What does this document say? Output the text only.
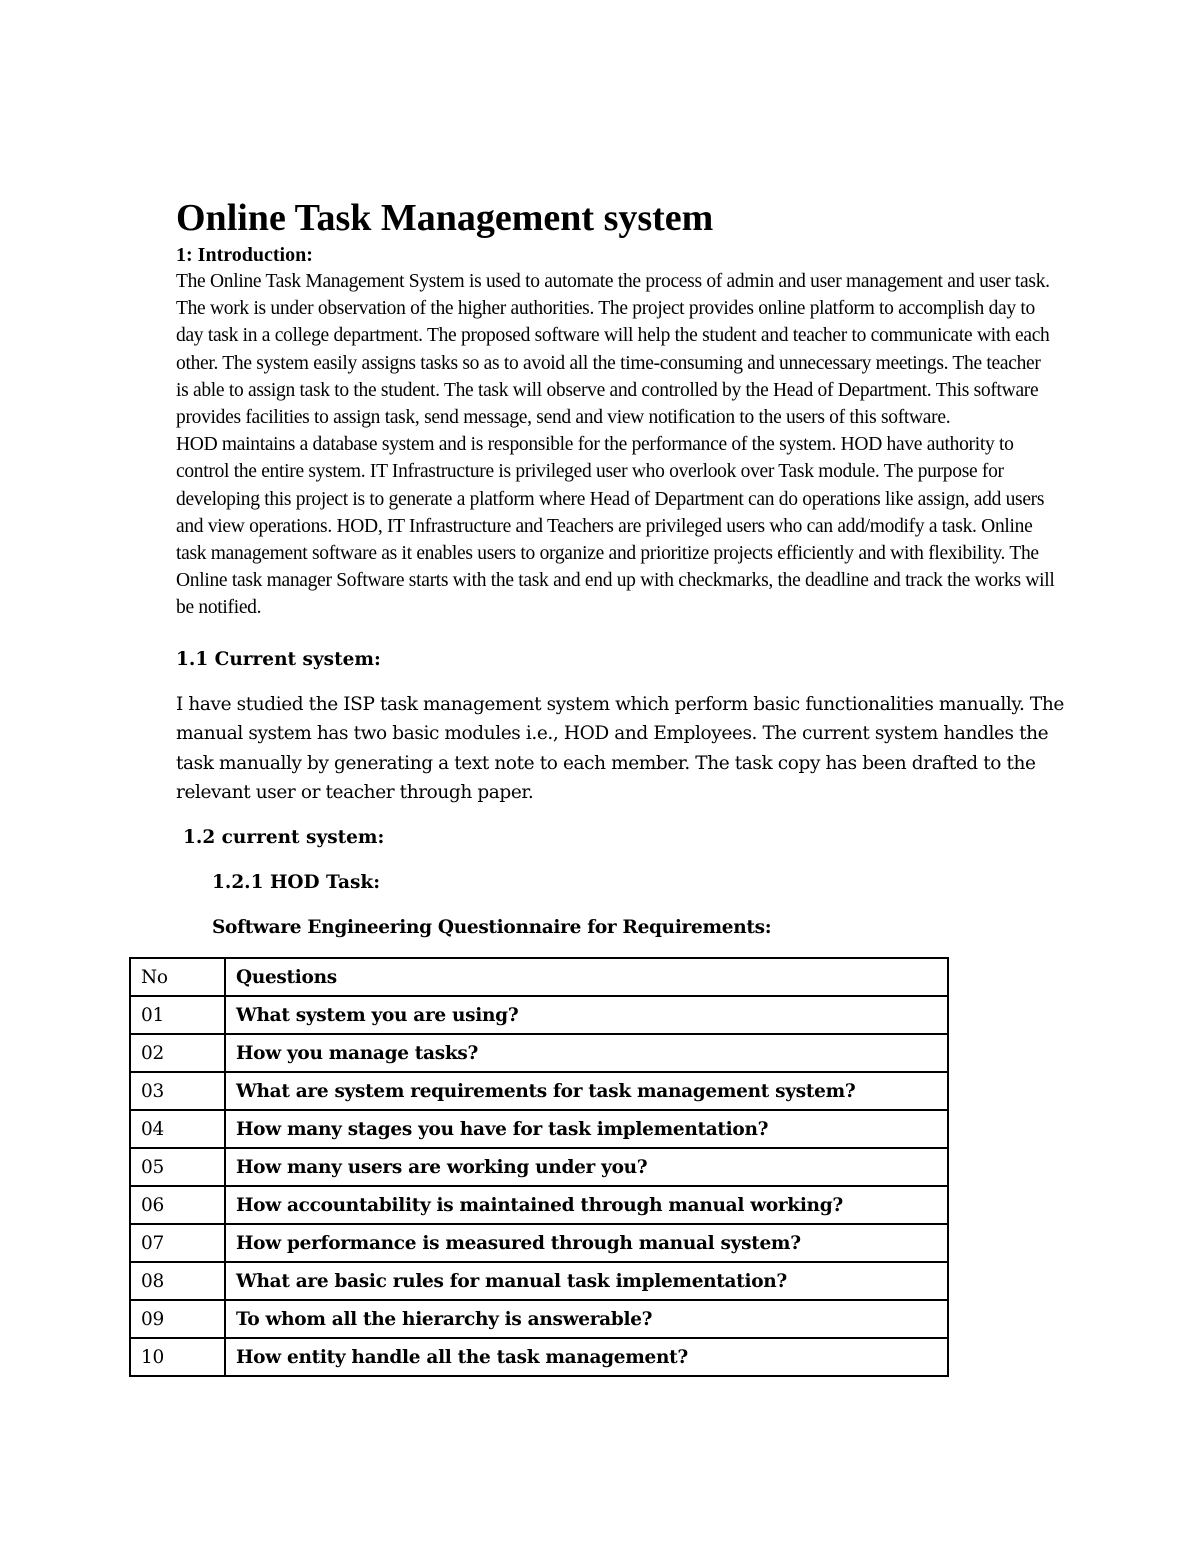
Online Task Management system
1: Introduction:

The Online Task Management System is used to automate the process of admin and user management and user task. The work is under observation of the higher authorities. The project provides online platform to accomplish day to day task in a college department. The proposed software will help the student and teacher to communicate with each other. The system easily assigns tasks so as to avoid all the time-consuming and unnecessary meetings. The teacher is able to assign task to the student. The task will observe and controlled by the Head of Department. This software provides facilities to assign task, send message, send and view notification to the users of this software.

HOD maintains a database system and is responsible for the performance of the system. HOD have authority to control the entire system. IT Infrastructure is privileged user who overlook over Task module. The purpose for developing this project is to generate a platform where Head of Department can do operations like assign, add users and view operations. HOD, IT Infrastructure and Teachers are privileged users who can add/modify a task. Online task management software as it enables users to organize and prioritize projects efficiently and with flexibility. The Online task manager Software starts with the task and end up with checkmarks, the deadline and track the works will be notified.

1.1 Current system:

I have studied the ISP task management system which perform basic functionalities manually. The manual system has two basic modules i.e., HOD and Employees. The current system handles the task manually by generating a text note to each member. The task copy has been drafted to the relevant user or teacher through paper.

1.2 current system:
1.2.1 HOD Task:
Software Engineering Questionnaire for Requirements:
No	Questions
01	What system you are using?
02	How you manage tasks?
03	What are system requirements for task management system?
04	How many stages you have for task implementation?
05	How many users are working under you?
06	How accountability is maintained through manual working?
07	How performance is measured through manual system?
08	What are basic rules for manual task implementation?
09	To whom all the hierarchy is answerable?
10	How entity handle all the task management?
